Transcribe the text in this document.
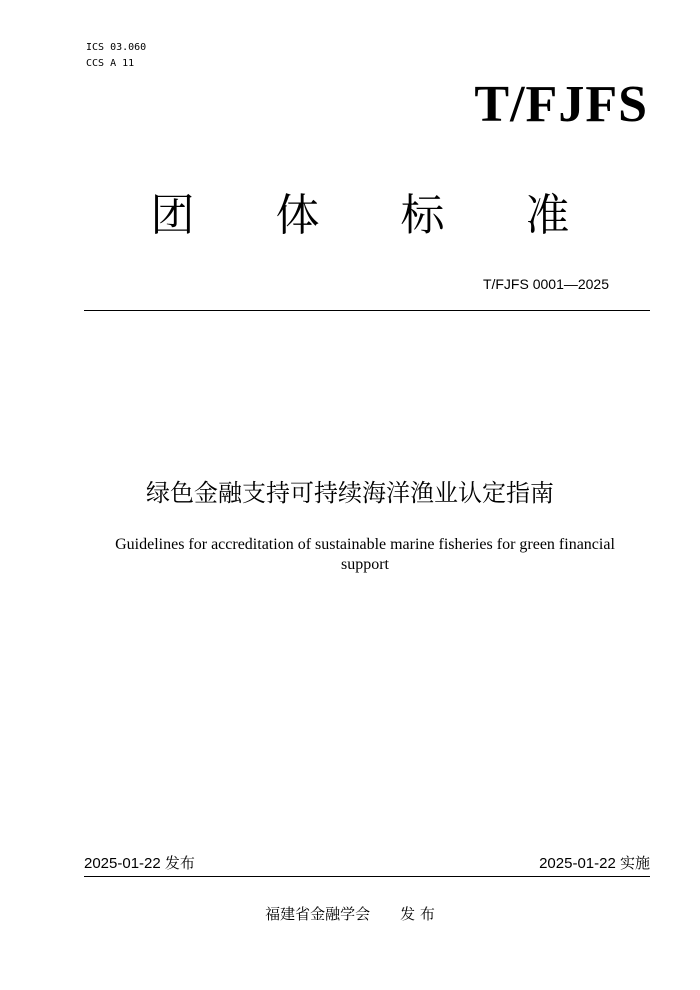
ICS 03.060
CCS A 11
T/FJFS
团	体	标	准
T/FJFS 0001—2025
绿色金融支持可持续海洋渔业认定指南
Guidelines for accreditation of sustainable marine fisheries for green financial support
2025-01-22 发布	2025-01-22 实施
福建省金融学会 发 布
